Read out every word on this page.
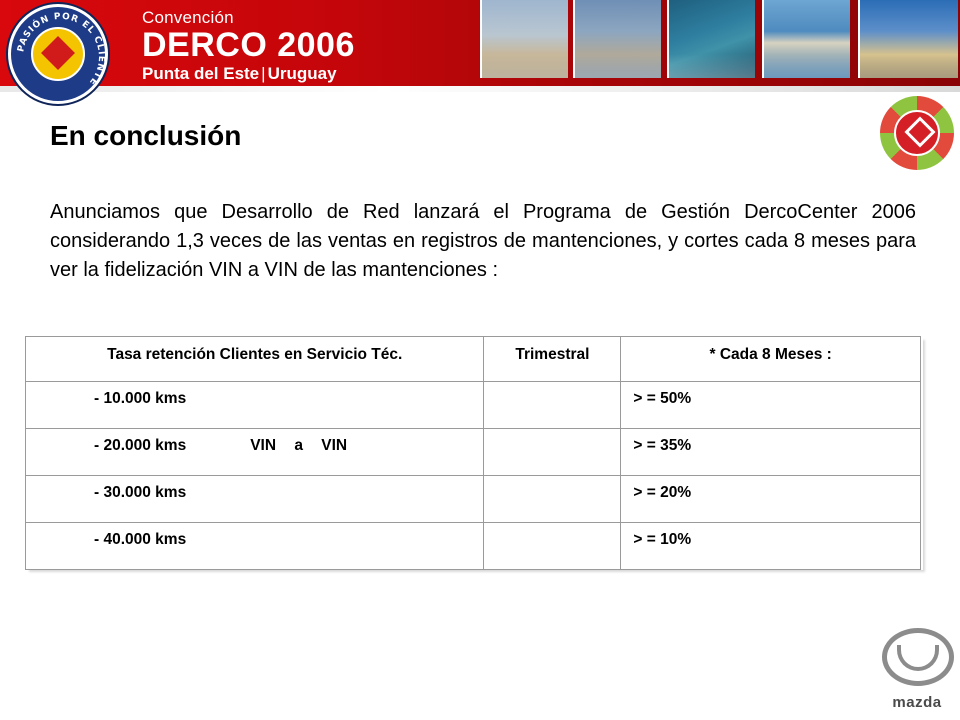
Convención
DERCO 2006
Punta del Este | Uruguay
PASIÓN POR EL CLIENTE
En conclusión
Anunciamos que Desarrollo de Red lanzará el Programa de Gestión DercoCenter 2006 considerando 1,3 veces de las ventas en registros de mantenciones, y cortes cada 8 meses para ver la fidelización VIN a VIN de las mantenciones :
Tasa retención Clientes en Servicio Téc.	Trimestral	* Cada 8 Meses :
- 10.000 kms		> = 50%
- 20.000 kms VIN a VIN		> = 35%
- 30.000 kms		> = 20%
- 40.000 kms		> = 10%
mazda
